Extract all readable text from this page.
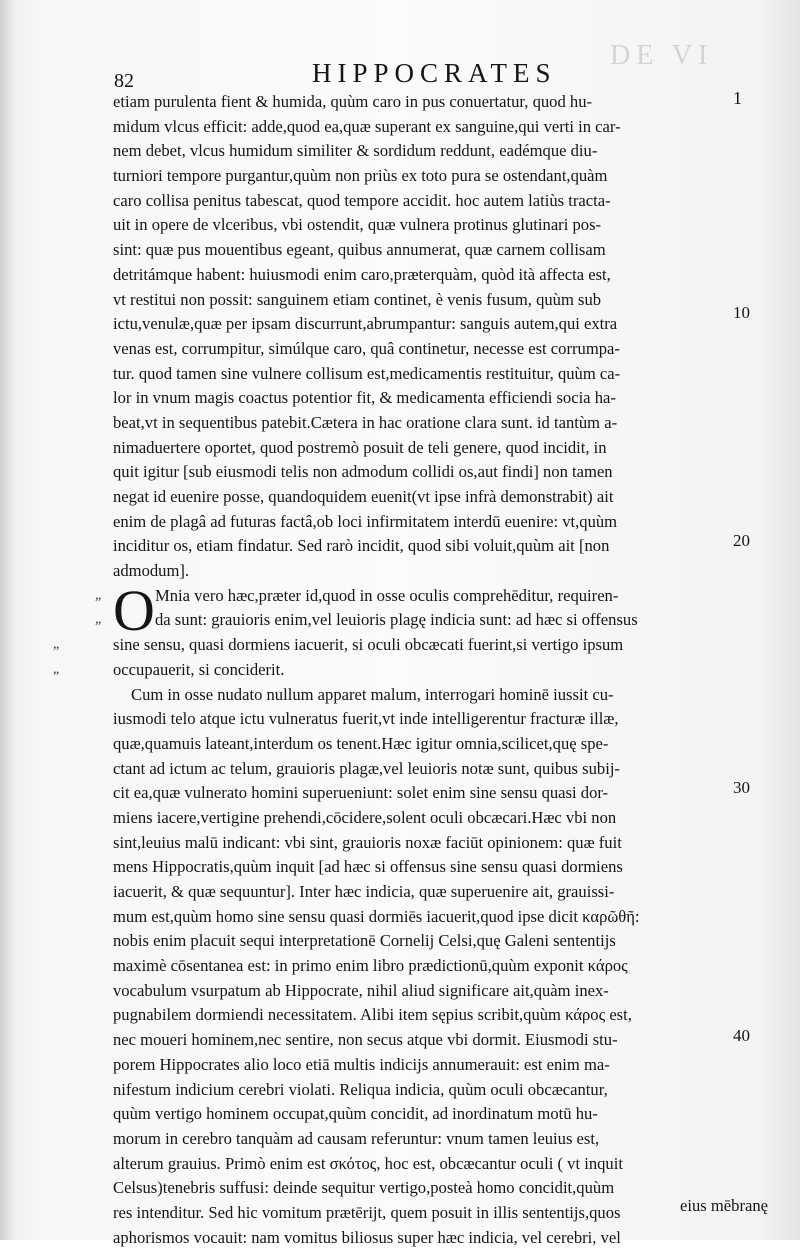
DE VI
82	HIPPOCRATES
1
etiam purulenta fient & humida, quùm caro in pus conuertatur, quod hu-
midum vlcus efficit: adde,quod ea,quæ superant ex sanguine,qui verti in car-
nem debet, vlcus humidum similiter & sordidum reddunt, eadémque diu-
turniori tempore purgantur,quùm non priùs ex toto pura se ostendant,quàm
caro collisa penitus tabescat, quod tempore accidit. hoc autem latiùs tracta-
uit in opere de vlceribus, vbi ostendit, quæ vulnera protinus glutinari pos-
sint: quæ pus mouentibus egeant, quibus annumerat, quæ carnem collisam
detritámque habent: huiusmodi enim caro,præterquàm, quòd ità affecta est,
vt restitui non possit: sanguinem etiam continet, è venis fusum, quùm sub
ictu,venulæ,quæ per ipsam discurrunt,abrumpantur: sanguis autem,qui extra
venas est, corrumpitur, simúlque caro, quâ continetur, necesse est corrumpa-
tur. quod tamen sine vulnere collisum est,medicamentis restituitur, quùm ca-
lor in vnum magis coactus potentior fit, & medicamenta efficiendi socia ha-
beat,vt in sequentibus patebit.Cætera in hac oratione clara sunt. id tantùm a-
nimaduertere oportet, quod postremò posuit de teli genere, quod incidit, in
quit igitur [sub eiusmodi telis non admodum collidi os,aut findi] non tamen
negat id euenire posse, quandoquidem euenit(vt ipse infrà demonstrabit) ait
enim de plagâ ad futuras factâ,ob loci infirmitatem interdū euenire: vt,quùm
inciditur os, etiam findatur. Sed rarò incidit, quod sibi voluit,quùm ait [non
admodum].
O
„	Mnia vero hæc,præter id,quod in osse oculis comprehēditur, requiren-
„	da sunt: grauioris enim,vel leuioris plagę indicia sunt: ad hæc si offensus
„	sine sensu, quasi dormiens iacuerit, si oculi obcæcati fuerint,si vertigo ipsum
„	occupauerit, si conciderit.
Cum in osse nudato nullum apparet malum, interrogari hominē iussit cu-
iusmodi telo atque ictu vulneratus fuerit,vt inde intelligerentur fracturæ illæ,
quæ,quamuis lateant,interdum os tenent.Hæc igitur omnia,scilicet,quę spe-
ctant ad ictum ac telum, grauioris plagæ,vel leuioris notæ sunt, quibus subij-
cit ea,quæ vulnerato homini superueniunt: solet enim sine sensu quasi dor-
miens iacere,vertigine prehendi,cōcidere,solent oculi obcæcari.Hæc vbi non
sint,leuius malū indicant: vbi sint, grauioris noxæ faciūt opinionem: quæ fuit
mens Hippocratis,quùm inquit [ad hæc si offensus sine sensu quasi dormiens
iacuerit, & quæ sequuntur]. Inter hæc indicia, quæ superuenire ait, grauissi-
mum est,quùm homo sine sensu quasi dormiēs iacuerit,quod ipse dicit καρῶθῆ:
nobis enim placuit sequi interpretationē Cornelij Celsi,quę Galeni sententijs
maximè cōsentanea est: in primo enim libro prædictionū,quùm exponit κάρος
vocabulum vsurpatum ab Hippocrate, nihil aliud significare ait,quàm inex-
pugnabilem dormiendi necessitatem. Alibi item sępius scribit,quùm κάρος est,
nec moueri hominem,nec sentire, non secus atque vbi dormit. Eiusmodi stu-
porem Hippocrates alio loco etiā multis indicijs annumerauit: est enim ma-
nifestum indicium cerebri violati. Reliqua indicia, quùm oculi obcæcantur,
quùm vertigo hominem occupat,quùm concidit, ad inordinatum motū hu-
morum in cerebro tanquàm ad causam referuntur: vnum tamen leuius est,
alterum grauius. Primò enim est σκότος, hoc est, obcæcantur oculi ( vt inquit
Celsus)tenebris suffusi: deinde sequitur vertigo,posteà homo concidit,quùm
res intenditur. Sed hic vomitum prætērijt, quem posuit in illis sententijs,quos
aphorismos vocauit: nam vomitus biliosus super hæc indicia, vel cerebri, vel
10
20
30
40
eius mēbranę
